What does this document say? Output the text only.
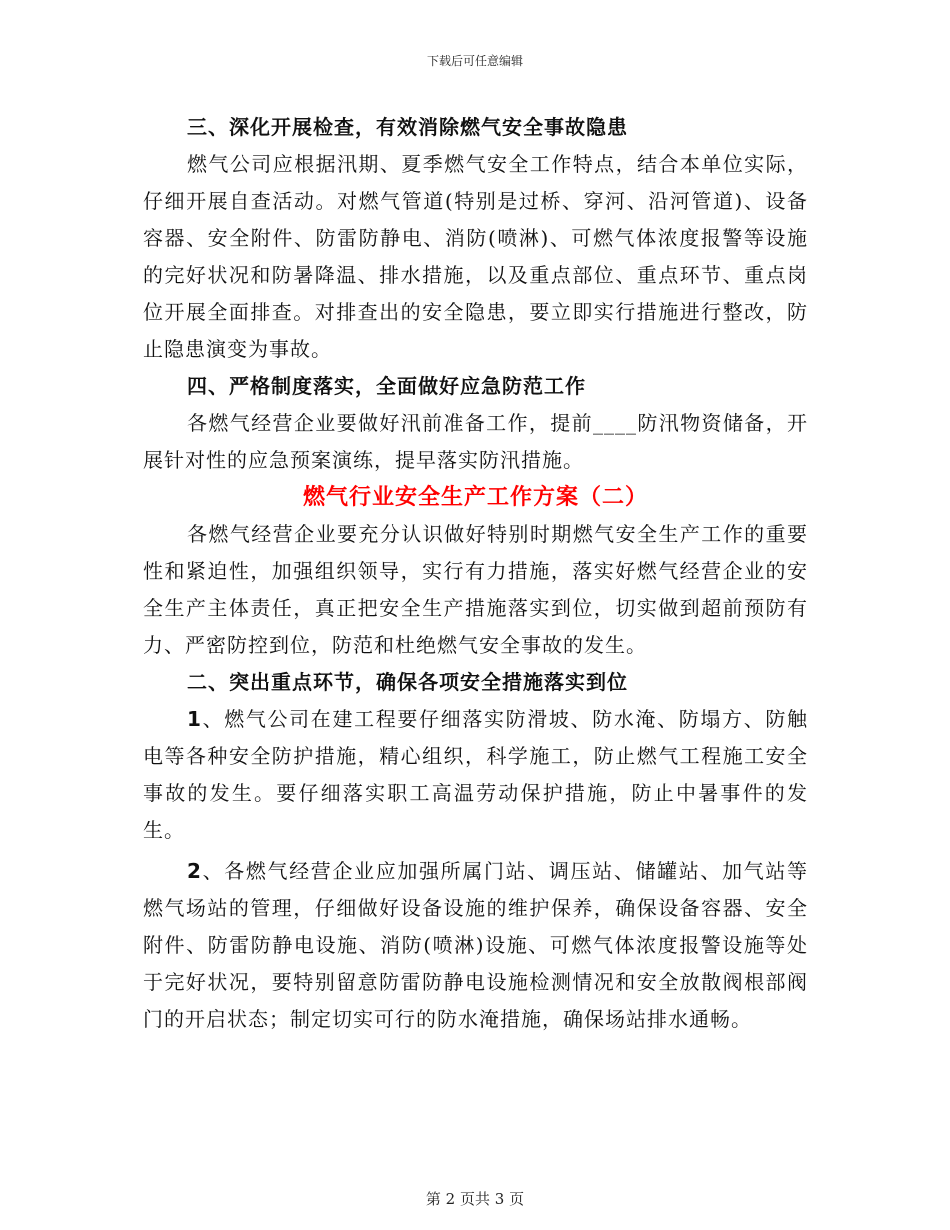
下载后可任意编辑

三、深化开展检查，有效消除燃气安全事故隐患

燃气公司应根据汛期、夏季燃气安全工作特点，结合本单位实际，仔细开展自查活动。对燃气管道(特别是过桥、穿河、沿河管道)、设备容器、安全附件、防雷防静电、消防(喷淋)、可燃气体浓度报警等设施的完好状况和防暑降温、排水措施，以及重点部位、重点环节、重点岗位开展全面排查。对排查出的安全隐患，要立即实行措施进行整改，防止隐患演变为事故。

四、严格制度落实，全面做好应急防范工作

各燃气经营企业要做好汛前准备工作，提前____防汛物资储备，开展针对性的应急预案演练，提早落实防汛措施。

燃气行业安全生产工作方案（二）

各燃气经营企业要充分认识做好特别时期燃气安全生产工作的重要性和紧迫性，加强组织领导，实行有力措施，落实好燃气经营企业的安全生产主体责任，真正把安全生产措施落实到位，切实做到超前预防有力、严密防控到位，防范和杜绝燃气安全事故的发生。

二、突出重点环节，确保各项安全措施落实到位

1、燃气公司在建工程要仔细落实防滑坡、防水淹、防塌方、防触电等各种安全防护措施，精心组织，科学施工，防止燃气工程施工安全事故的发生。要仔细落实职工高温劳动保护措施，防止中暑事件的发生。

2、各燃气经营企业应加强所属门站、调压站、储罐站、加气站等燃气场站的管理，仔细做好设备设施的维护保养，确保设备容器、安全附件、防雷防静电设施、消防(喷淋)设施、可燃气体浓度报警设施等处于完好状况，要特别留意防雷防静电设施检测情况和安全放散阀根部阀门的开启状态；制定切实可行的防水淹措施，确保场站排水通畅。

第 2 页共 3 页
